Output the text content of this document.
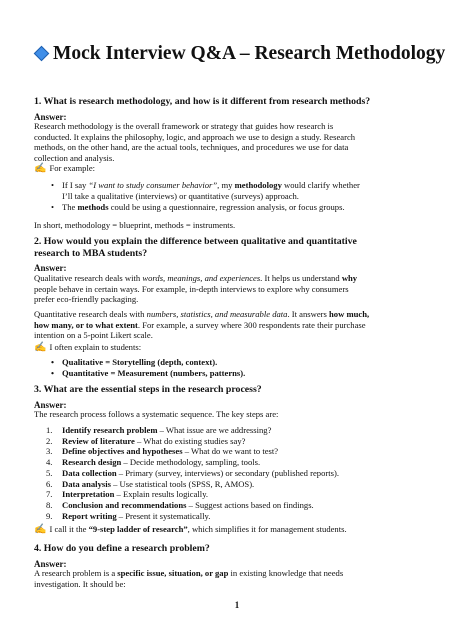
Mock Interview Q&A – Research Methodology
1. What is research methodology, and how is it different from research methods?
Answer:
Research methodology is the overall framework or strategy that guides how research is
conducted. It explains the philosophy, logic, and approach we use to design a study. Research
methods, on the other hand, are the actual tools, techniques, and procedures we use for data
collection and analysis.
✍ For example:
• If I say “I want to study consumer behavior”, my methodology would clarify whether
I’ll take a qualitative (interviews) or quantitative (surveys) approach.
• The methods could be using a questionnaire, regression analysis, or focus groups.
In short, methodology = blueprint, methods = instruments.
2. How would you explain the difference between qualitative and quantitative
research to MBA students?
Answer:
Qualitative research deals with words, meanings, and experiences. It helps us understand why
people behave in certain ways. For example, in-depth interviews to explore why consumers
prefer eco-friendly packaging.
Quantitative research deals with numbers, statistics, and measurable data. It answers how much,
how many, or to what extent. For example, a survey where 300 respondents rate their purchase
intention on a 5-point Likert scale.
✍ I often explain to students:
• Qualitative = Storytelling (depth, context).
• Quantitative = Measurement (numbers, patterns).
3. What are the essential steps in the research process?
Answer:
The research process follows a systematic sequence. The key steps are:
1. Identify research problem – What issue are we addressing?
2. Review of literature – What do existing studies say?
3. Define objectives and hypotheses – What do we want to test?
4. Research design – Decide methodology, sampling, tools.
5. Data collection – Primary (survey, interviews) or secondary (published reports).
6. Data analysis – Use statistical tools (SPSS, R, AMOS).
7. Interpretation – Explain results logically.
8. Conclusion and recommendations – Suggest actions based on findings.
9. Report writing – Present it systematically.
✍ I call it the “9-step ladder of research”, which simplifies it for management students.
4. How do you define a research problem?
Answer:
A research problem is a specific issue, situation, or gap in existing knowledge that needs
investigation. It should be:
1
